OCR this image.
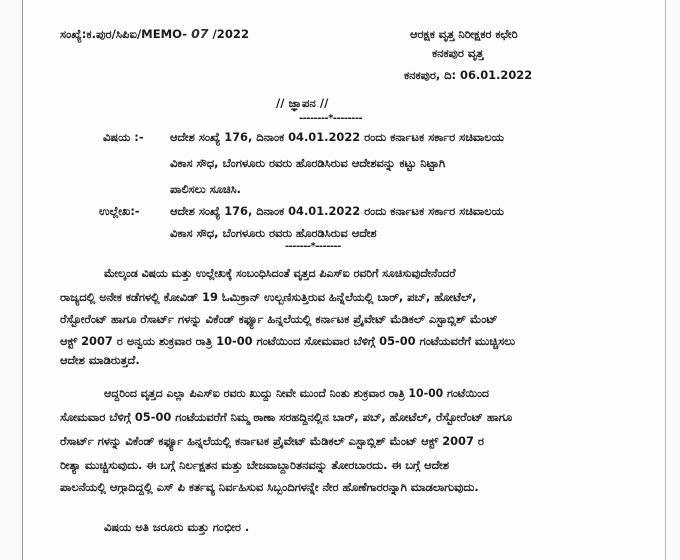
ಸಂಖ್ಯೆ:ಕ.ಪುರ/ಸಿಪಿಐ/MEMO- 07 /2022	ಆರಕ್ಷಕ ವೃತ್ತ ನಿರೀಕ್ಷಕರ ಕಛೇರಿ
ಕನಕಪುರ ವೃತ್ತ
ಕನಕಪುರ, ದಿ: 06.01.2022
// ಜ್ಞಾಪನ //
--------*--------
ವಿಷಯ :- ಆದೇಶ ಸಂಖ್ಯೆ 176, ದಿನಾಂಕ 04.01.2022 ರಂದು ಕರ್ನಾಟಕ ಸರ್ಕಾರ ಸಚಿವಾಲಯ
ವಿಕಾಸ ಸೌಧ, ಬೆಂಗಳೂರು ರವರು ಹೊರಡಿಸಿರುವ ಆದೇಶವನ್ನು ಕಟ್ಟು ನಿಟ್ಟಾಗಿ
ಪಾಲಿಸಲು ಸೂಚಿಸಿ.
ಉಲ್ಲೇಖ:-	ಆದೇಶ ಸಂಖ್ಯೆ 176, ದಿನಾಂಕ 04.01.2022 ರಂದು ಕರ್ನಾಟಕ ಸರ್ಕಾರ ಸಚಿವಾಲಯ
ವಿಕಾಸ ಸೌಧ, ಬೆಂಗಳೂರು ರವರು ಹೊರಡಿಸಿರುವ ಆದೇಶ
-------*-------
ಮೇಲ್ಕಂಡ ವಿಷಯ ಮತ್ತು ಉಲ್ಲೇಖಕ್ಕೆ ಸಂಬಂಧಿಸಿದಂತೆ ವೃತ್ತದ ಪಿಎಸ್ಐ ರವರಿಗೆ ಸೂಚಿಸುವುದೇನೆಂದರೆ
ರಾಜ್ಯದಲ್ಲಿ ಅನೇಕ ಕಡೆಗಳಲ್ಲಿ ಕೋವಿಡ್ 19 ಓಮಿಕ್ರಾನ್ ಉಲ್ಬಣಿಸುತ್ತಿರುವ ಹಿನ್ನೆಲೆಯಲ್ಲಿ ಬಾರ್, ಪಬ್, ಹೋಟೆಲ್,
ರೆಸ್ಟೋರೆಂಟ್ ಹಾಗೂ ರೆಸಾರ್ಟ್ ಗಳನ್ನು ವಿಕೆಂಡ್ ಕರ್ಫ್ಯೂ ಹಿನ್ನಲೆಯಲ್ಲಿ ಕರ್ನಾಟಕ ಪ್ರೈವೇಟ್ ಮೆಡಿಕಲ್ ಎಸ್ಟಾಬ್ಲಿಶ್ ಮೆಂಟ್
ಆಕ್ಟ್ 2007 ರ ಅನ್ವಯ ಶುಕ್ರವಾರ ರಾತ್ರಿ 10-00 ಗಂಟೆಯಿಂದ ಸೋಮವಾರ ಬೆಳಿಗ್ಗೆ 05-00 ಗಂಟೆಯವರೆಗೆ ಮುಚ್ಚಿಸಲು
ಆದೇಶ ಮಾಡಿರುತ್ತದೆ.
ಆದ್ದರಿಂದ ವೃತ್ತದ ಎಲ್ಲಾ ಪಿಎಸ್ಐ ರವರು ಖುದ್ದು ನೀವೇ ಮುಂದೆ ನಿಂತು ಶುಕ್ರವಾರ ರಾತ್ರಿ 10-00 ಗಂಟೆಯಿಂದ
ಸೋಮವಾರ ಬೆಳಿಗ್ಗೆ 05-00 ಗಂಟೆಯವರೆಗೆ ನಿಮ್ಮ ಠಾಣಾ ಸರಹದ್ದಿನಲ್ಲಿನ ಬಾರ್, ಪಬ್, ಹೋಟೆಲ್, ರೆಸ್ಟೋರೆಂಟ್ ಹಾಗೂ
ರೆಸಾರ್ಟ್ ಗಳನ್ನು ವಿಕೆಂಡ್ ಕರ್ಫ್ಯೂ ಹಿನ್ನಲೆಯಲ್ಲಿ ಕರ್ನಾಟಕ ಪ್ರೈವೇಟ್ ಮೆಡಿಕಲ್ ಎಸ್ಟಾಬ್ಲಿಶ್ ಮೆಂಟ್ ಆಕ್ಟ್ 2007 ರ
ರೀತ್ಯಾ ಮುಚ್ಚಿಸುವುದು. ಈ ಬಗ್ಗೆ ನಿರ್ಲಕ್ಷತನ ಮತ್ತು ಬೇಜವಾಬ್ದಾರಿತನವನ್ನು ತೋರಬಾರದು. ಈ ಬಗ್ಗೆ ಆದೇಶ
ಪಾಲನೆಯಲ್ಲಿ ಆಗ್ಗಾದಿದ್ದಲ್ಲಿ ಎಸ್ ಪಿ ಕರ್ತವ್ಯ ನಿರ್ವಹಿಸುವ ಸಿಬ್ಬಂದಿಗಳನ್ನೇ ನೇರ ಹೊಣೆಗಾರರನ್ನಾಗಿ ಮಾಡಲಾಗುವುದು.
ವಿಷಯ ಅತಿ ಜರೂರು ಮತ್ತು ಗಂಭೀರ .
